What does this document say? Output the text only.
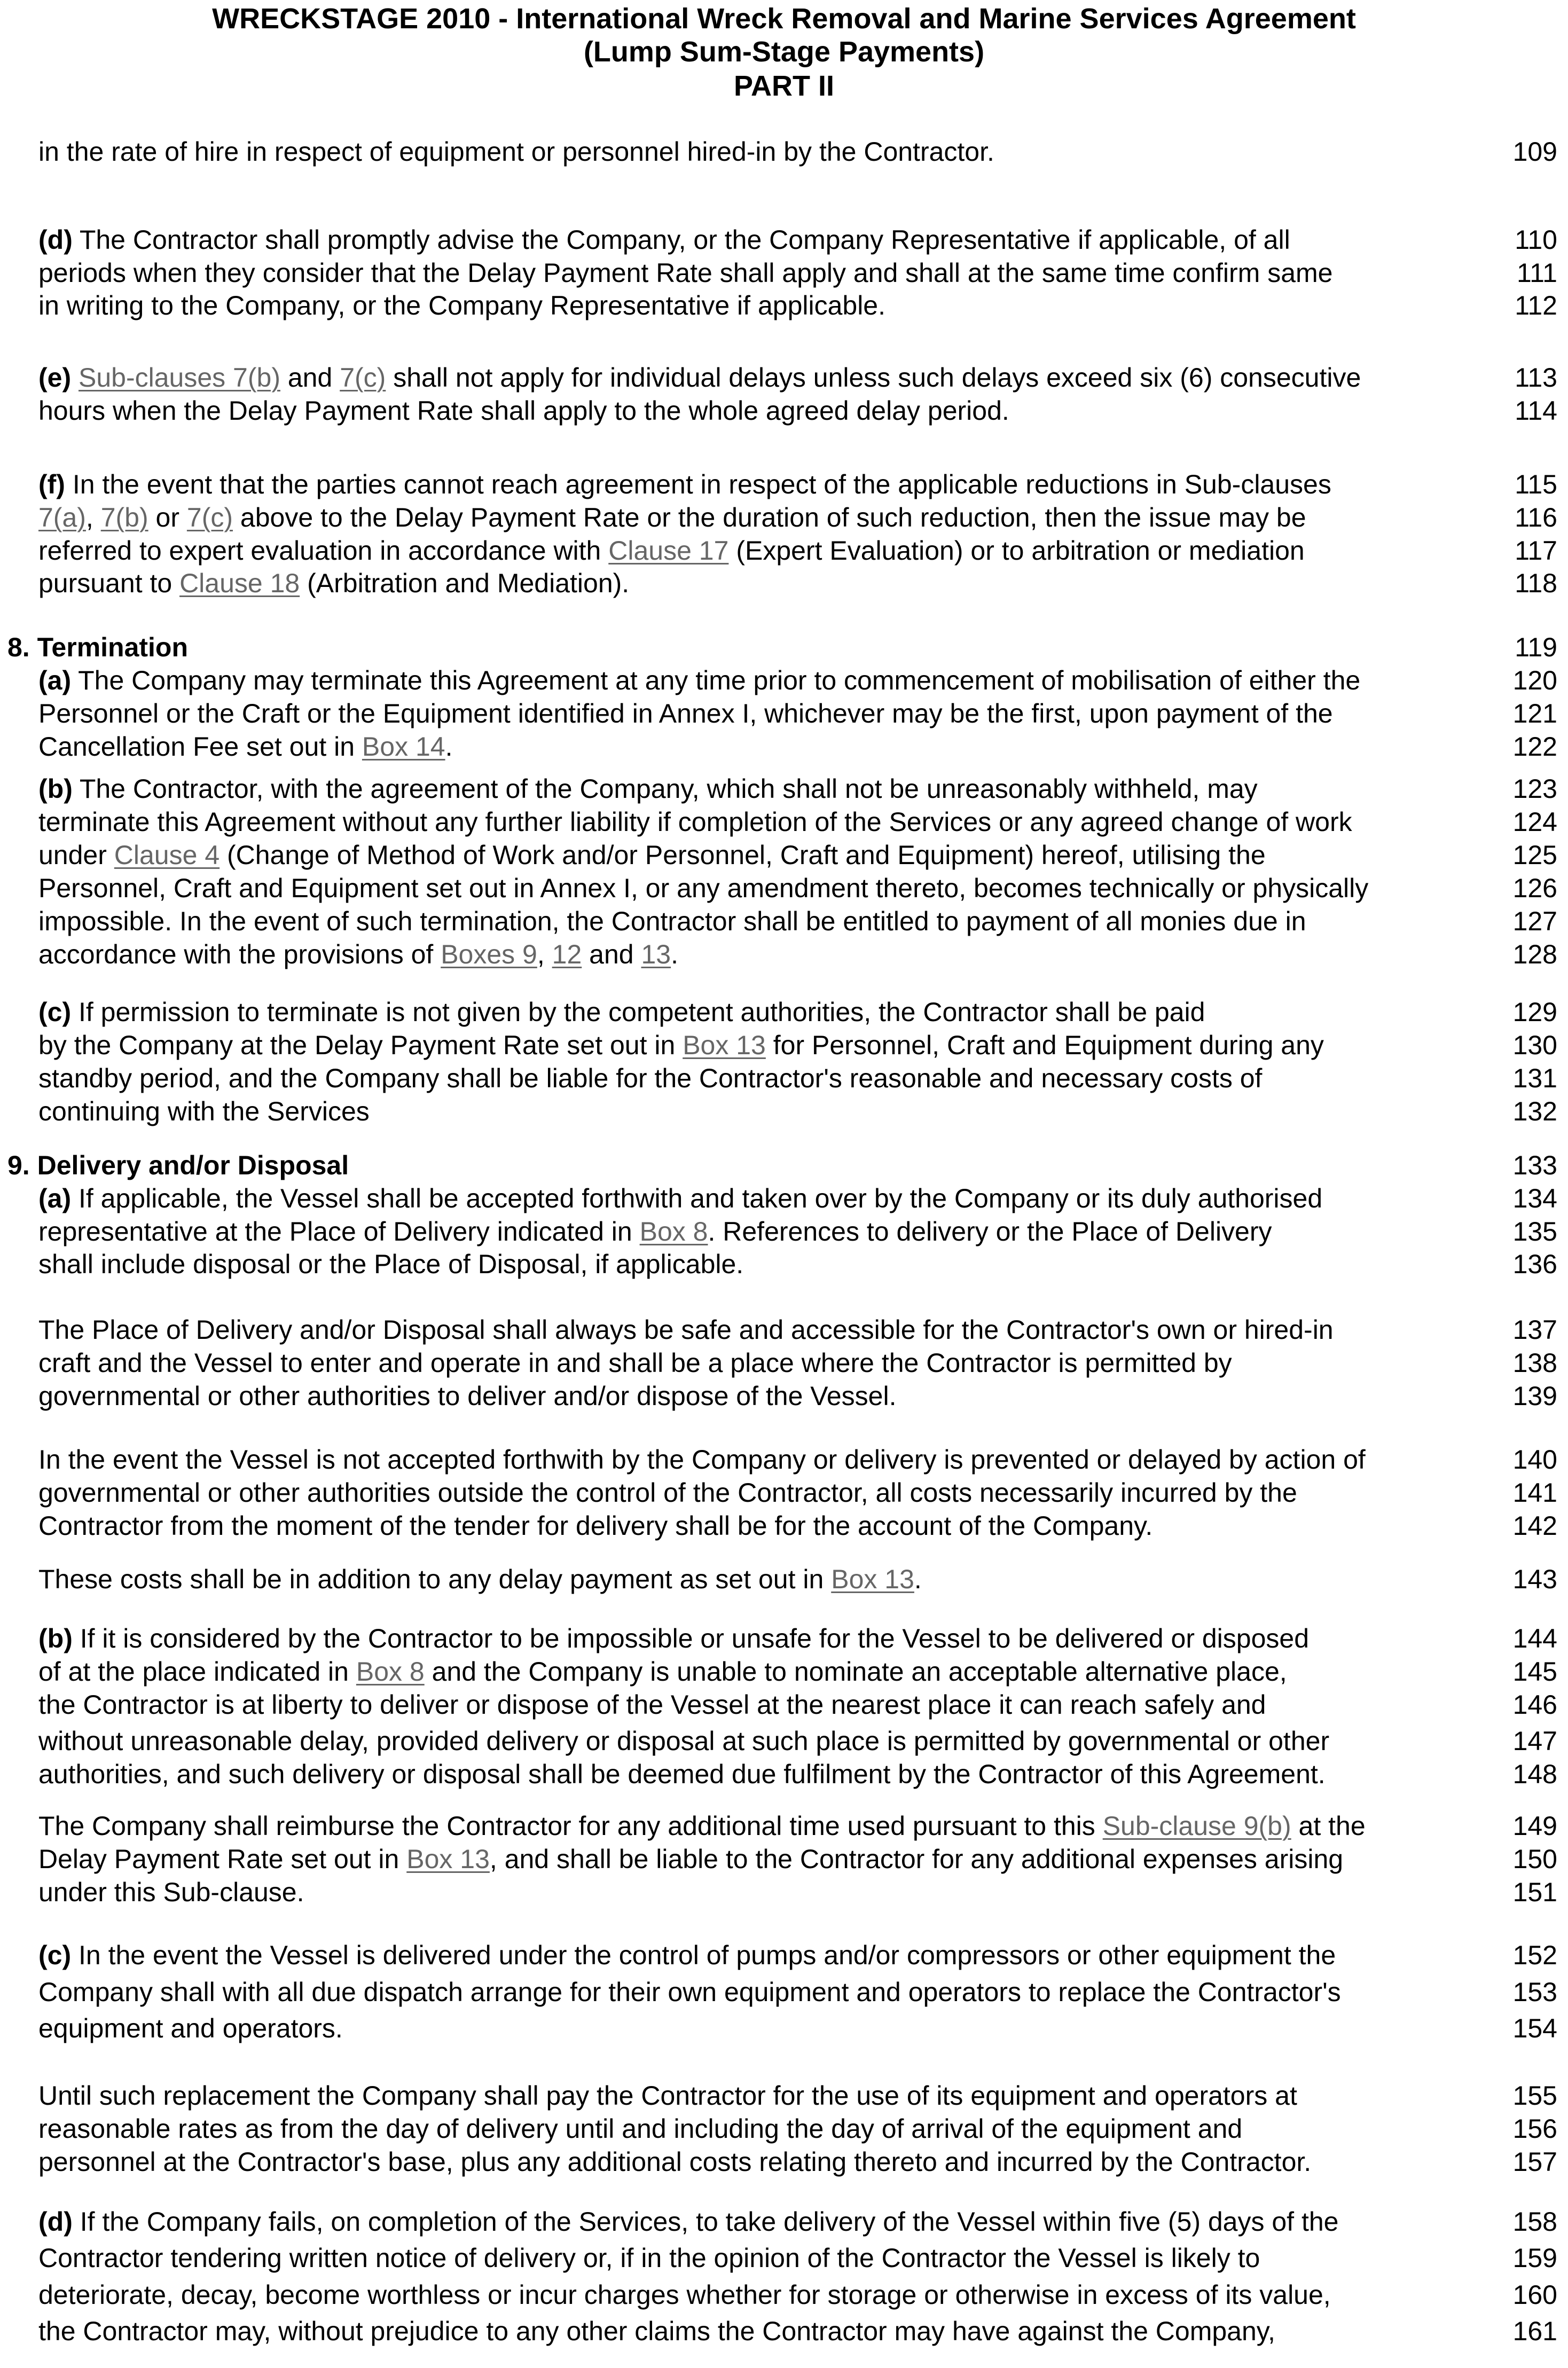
WRECKSTAGE 2010 - International Wreck Removal and Marine Services Agreement
(Lump Sum-Stage Payments)
PART II
in the rate of hire in respect of equipment or personnel hired-in by the Contractor.	109
(d) The Contractor shall promptly advise the Company, or the Company Representative if applicable, of all	110
periods when they consider that the Delay Payment Rate shall apply and shall at the same time confirm same	111
in writing to the Company, or the Company Representative if applicable.	112
(e) Sub-clauses 7(b) and 7(c) shall not apply for individual delays unless such delays exceed six (6) consecutive	113
hours when the Delay Payment Rate shall apply to the whole agreed delay period.	114
(f) In the event that the parties cannot reach agreement in respect of the applicable reductions in Sub-clauses	115
7(a), 7(b) or 7(c) above to the Delay Payment Rate or the duration of such reduction, then the issue may be	116
referred to expert evaluation in accordance with Clause 17 (Expert Evaluation) or to arbitration or mediation	117
pursuant to Clause 18 (Arbitration and Mediation).	118
8. Termination	119
(a) The Company may terminate this Agreement at any time prior to commencement of mobilisation of either the	120
Personnel or the Craft or the Equipment identified in Annex I, whichever may be the first, upon payment of the	121
Cancellation Fee set out in Box 14.	122
(b) The Contractor, with the agreement of the Company, which shall not be unreasonably withheld, may	123
terminate this Agreement without any further liability if completion of the Services or any agreed change of work	124
under Clause 4 (Change of Method of Work and/or Personnel, Craft and Equipment) hereof, utilising the	125
Personnel, Craft and Equipment set out in Annex I, or any amendment thereto, becomes technically or physically	126
impossible. In the event of such termination, the Contractor shall be entitled to payment of all monies due in	127
accordance with the provisions of Boxes 9, 12 and 13.	128
(c) If permission to terminate is not given by the competent authorities, the Contractor shall be paid	129
by the Company at the Delay Payment Rate set out in Box 13 for Personnel, Craft and Equipment during any	130
standby period, and the Company shall be liable for the Contractor's reasonable and necessary costs of	131
continuing with the Services	132
9. Delivery and/or Disposal	133
(a) If applicable, the Vessel shall be accepted forthwith and taken over by the Company or its duly authorised	134
representative at the Place of Delivery indicated in Box 8. References to delivery or the Place of Delivery	135
shall include disposal or the Place of Disposal, if applicable.	136
The Place of Delivery and/or Disposal shall always be safe and accessible for the Contractor's own or hired-in	137
craft and the Vessel to enter and operate in and shall be a place where the Contractor is permitted by	138
governmental or other authorities to deliver and/or dispose of the Vessel.	139
In the event the Vessel is not accepted forthwith by the Company or delivery is prevented or delayed by action of	140
governmental or other authorities outside the control of the Contractor, all costs necessarily incurred by the	141
Contractor from the moment of the tender for delivery shall be for the account of the Company.	142
These costs shall be in addition to any delay payment as set out in Box 13.	143
(b) If it is considered by the Contractor to be impossible or unsafe for the Vessel to be delivered or disposed	144
of at the place indicated in Box 8 and the Company is unable to nominate an acceptable alternative place,	145
the Contractor is at liberty to deliver or dispose of the Vessel at the nearest place it can reach safely and	146
without unreasonable delay, provided delivery or disposal at such place is permitted by governmental or other	147
authorities, and such delivery or disposal shall be deemed due fulfilment by the Contractor of this Agreement.	148
The Company shall reimburse the Contractor for any additional time used pursuant to this Sub-clause 9(b) at the	149
Delay Payment Rate set out in Box 13, and shall be liable to the Contractor for any additional expenses arising	150
under this Sub-clause.	151
(c) In the event the Vessel is delivered under the control of pumps and/or compressors or other equipment the	152
Company shall with all due dispatch arrange for their own equipment and operators to replace the Contractor's	153
equipment and operators.	154
Until such replacement the Company shall pay the Contractor for the use of its equipment and operators at	155
reasonable rates as from the day of delivery until and including the day of arrival of the equipment and	156
personnel at the Contractor's base, plus any additional costs relating thereto and incurred by the Contractor.	157
(d) If the Company fails, on completion of the Services, to take delivery of the Vessel within five (5) days of the	158
Contractor tendering written notice of delivery or, if in the opinion of the Contractor the Vessel is likely to	159
deteriorate, decay, become worthless or incur charges whether for storage or otherwise in excess of its value,	160
the Contractor may, without prejudice to any other claims the Contractor may have against the Company,	161
